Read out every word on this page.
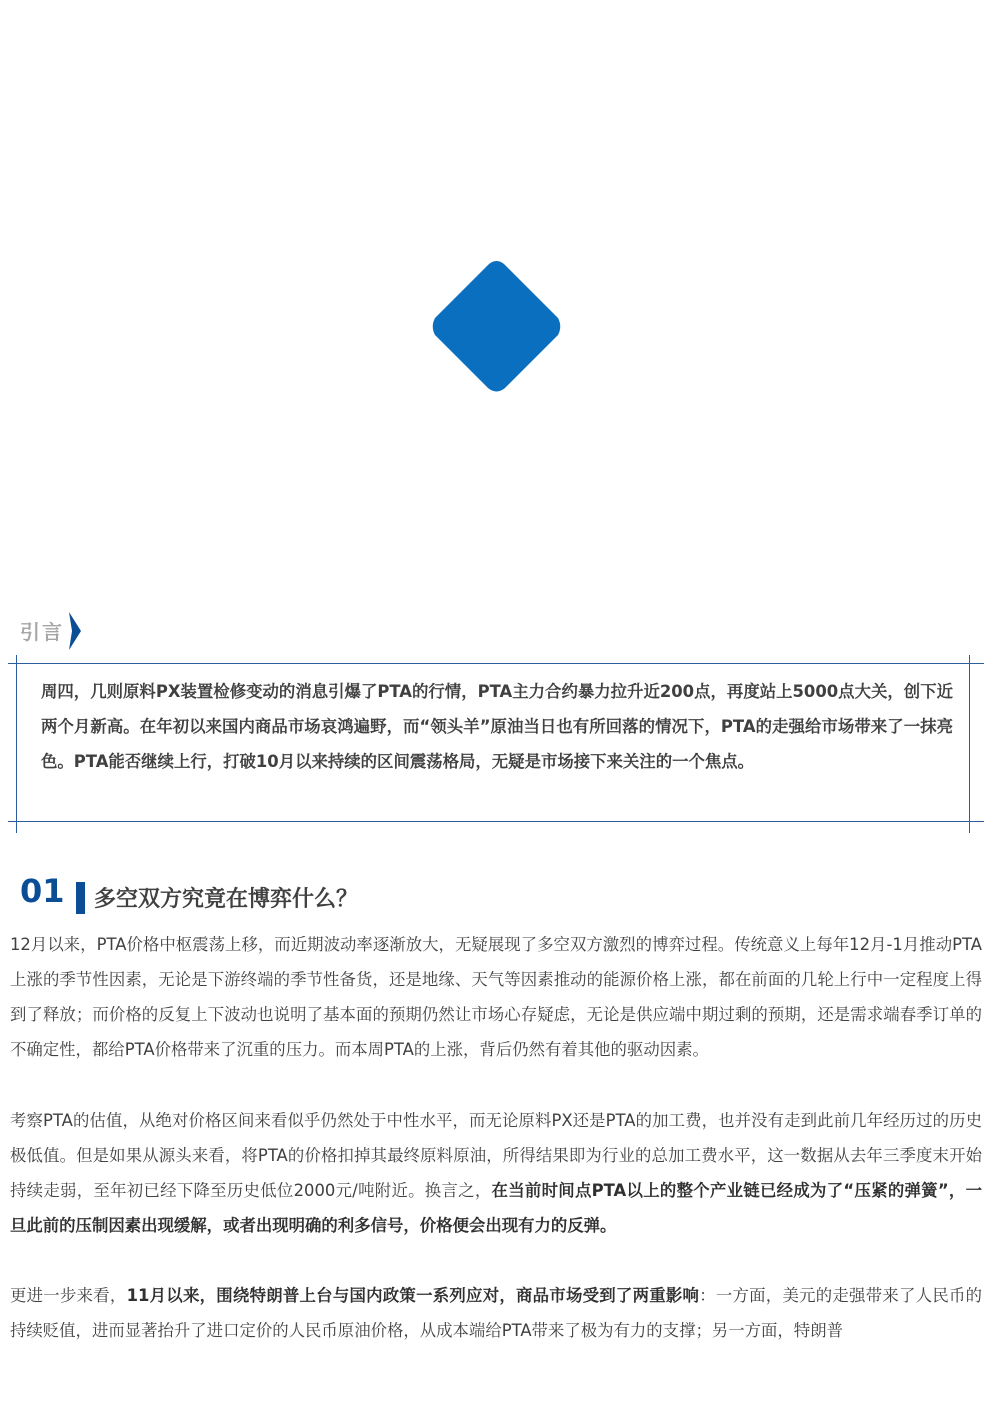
引言
周四，几则原料PX装置检修变动的消息引爆了PTA的行情，PTA主力合约暴力拉升近200点，再度站上5000点大关，创下近两个月新高。在年初以来国内商品市场哀鸿遍野，而“领头羊”原油当日也有所回落的情况下，PTA的走强给市场带来了一抹亮色。PTA能否继续上行，打破10月以来持续的区间震荡格局，无疑是市场接下来关注的一个焦点。
01 多空双方究竟在博弈什么？
12月以来，PTA价格中枢震荡上移，而近期波动率逐渐放大，无疑展现了多空双方激烈的博弈过程。传统意义上每年12月-1月推动PTA上涨的季节性因素，无论是下游终端的季节性备货，还是地缘、天气等因素推动的能源价格上涨，都在前面的几轮上行中一定程度上得到了释放；而价格的反复上下波动也说明了基本面的预期仍然让市场心存疑虑，无论是供应端中期过剩的预期，还是需求端春季订单的不确定性，都给PTA价格带来了沉重的压力。而本周PTA的上涨，背后仍然有着其他的驱动因素。
考察PTA的估值，从绝对价格区间来看似乎仍然处于中性水平，而无论原料PX还是PTA的加工费，也并没有走到此前几年经历过的历史极低值。但是如果从源头来看，将PTA的价格扣掉其最终原料原油，所得结果即为行业的总加工费水平，这一数据从去年三季度末开始持续走弱，至年初已经下降至历史低位2000元/吨附近。换言之，在当前时间点PTA以上的整个产业链已经成为了“压紧的弹簧”，一旦此前的压制因素出现缓解，或者出现明确的利多信号，价格便会出现有力的反弹。
更进一步来看，11月以来，围绕特朗普上台与国内政策一系列应对，商品市场受到了两重影响：一方面，美元的走强带来了人民币的持续贬值，进而显著抬升了进口定价的人民币原油价格，从成本端给PTA带来了极为有力的支撑；另一方面，特朗普
